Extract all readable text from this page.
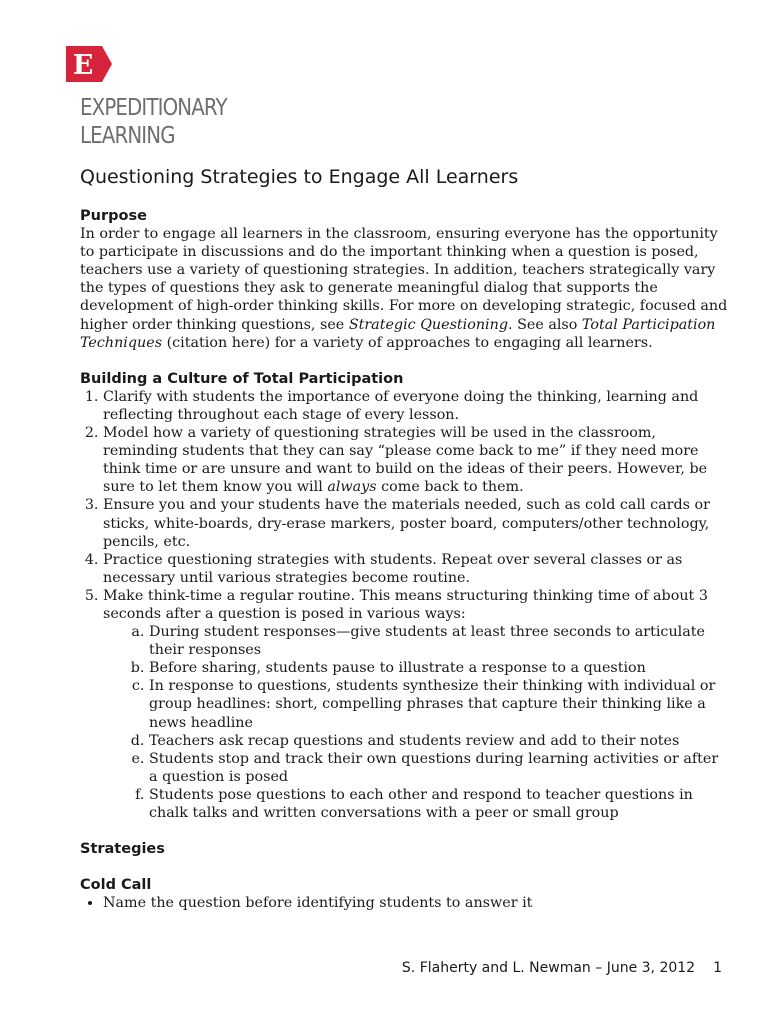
E
EXPEDITIONARY
LEARNING
Questioning Strategies to Engage All Learners
Purpose

In order to engage all learners in the classroom, ensuring everyone has the opportunity to participate in discussions and do the important thinking when a question is posed, teachers use a variety of questioning strategies. In addition, teachers strategically vary the types of questions they ask to generate meaningful dialog that supports the development of high-order thinking skills. For more on developing strategic, focused and higher order thinking questions, see Strategic Questioning. See also Total Participation Techniques (citation here) for a variety of approaches to engaging all learners.

Building a Culture of Total Participation
1. Clarify with students the importance of everyone doing the thinking, learning and reflecting throughout each stage of every lesson.
2. Model how a variety of questioning strategies will be used in the classroom, reminding students that they can say “please come back to me” if they need more think time or are unsure and want to build on the ideas of their peers. However, be sure to let them know you will always come back to them.
3. Ensure you and your students have the materials needed, such as cold call cards or sticks, white-boards, dry-erase markers, poster board, computers/other technology, pencils, etc.
4. Practice questioning strategies with students. Repeat over several classes or as necessary until various strategies become routine.
5. Make think-time a regular routine. This means structuring thinking time of about 3 seconds after a question is posed in various ways:
a. During student responses—give students at least three seconds to articulate their responses
b. Before sharing, students pause to illustrate a response to a question
c. In response to questions, students synthesize their thinking with individual or group headlines: short, compelling phrases that capture their thinking like a news headline
d. Teachers ask recap questions and students review and add to their notes
e. Students stop and track their own questions during learning activities or after a question is posed
f. Students pose questions to each other and respond to teacher questions in chalk talks and written conversations with a peer or small group
Strategies
Cold Call
• Name the question before identifying students to answer it
S. Flaherty and L. Newman – June 3, 2012 1
